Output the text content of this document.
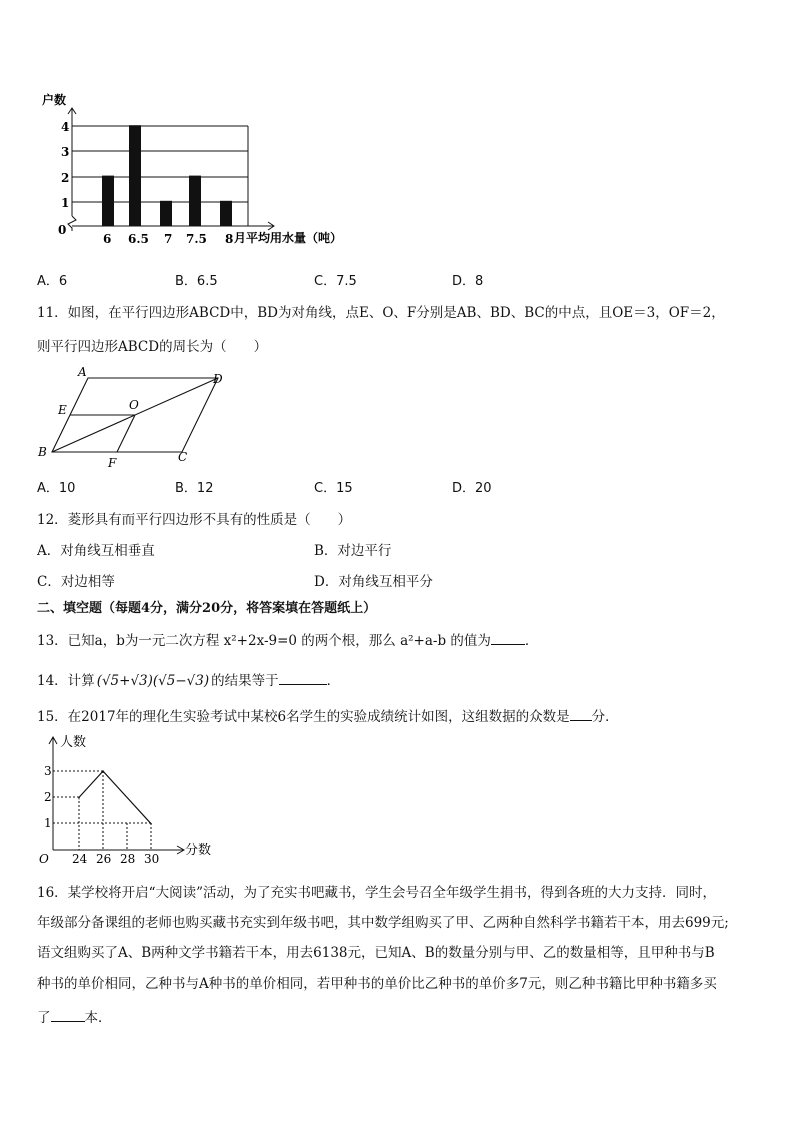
户数
4
3
2
1
0
6 6.5 7 7.5 8 月平均用水量（吨）
A．6	B．6.5	C．7.5	D．8
11．如图，在平行四边形ABCD中，BD为对角线，点E、O、F分别是AB、BD、BC的中点，且OE＝3，OF＝2，
则平行四边形ABCD的周长为（　　）
A	D
E	O
B
F	C
A．10	B．12	C．15	D．20
12．菱形具有而平行四边形不具有的性质是（　　）
A．对角线互相垂直	B．对边平行
C．对边相等	D．对角线互相平分
二、填空题（每题4分，满分20分，将答案填在答题纸上）
13．已知a，b为一元二次方程 x²+2x-9=0 的两个根，那么 a²+a-b 的值为	．
14．计算 (√5+√3)(√5−√3) 的结果等于	．
15．在2017年的理化生实验考试中某校6名学生的实验成绩统计如图，这组数据的众数是 分．
人数
3
2
1
O 24 26 28 30
分数
16．某学校将开启“大阅读”活动，为了充实书吧藏书，学生会号召全年级学生捐书，得到各班的大力支持．同时，
年级部分备课组的老师也购买藏书充实到年级书吧，其中数学组购买了甲、乙两种自然科学书籍若干本，用去699元;
语文组购买了A、B两种文学书籍若干本，用去6138元，已知A、B的数量分别与甲、乙的数量相等，且甲种书与B
种书的单价相同，乙种书与A种书的单价相同，若甲种书的单价比乙种书的单价多7元，则乙种书籍比甲种书籍多买
了	本．
